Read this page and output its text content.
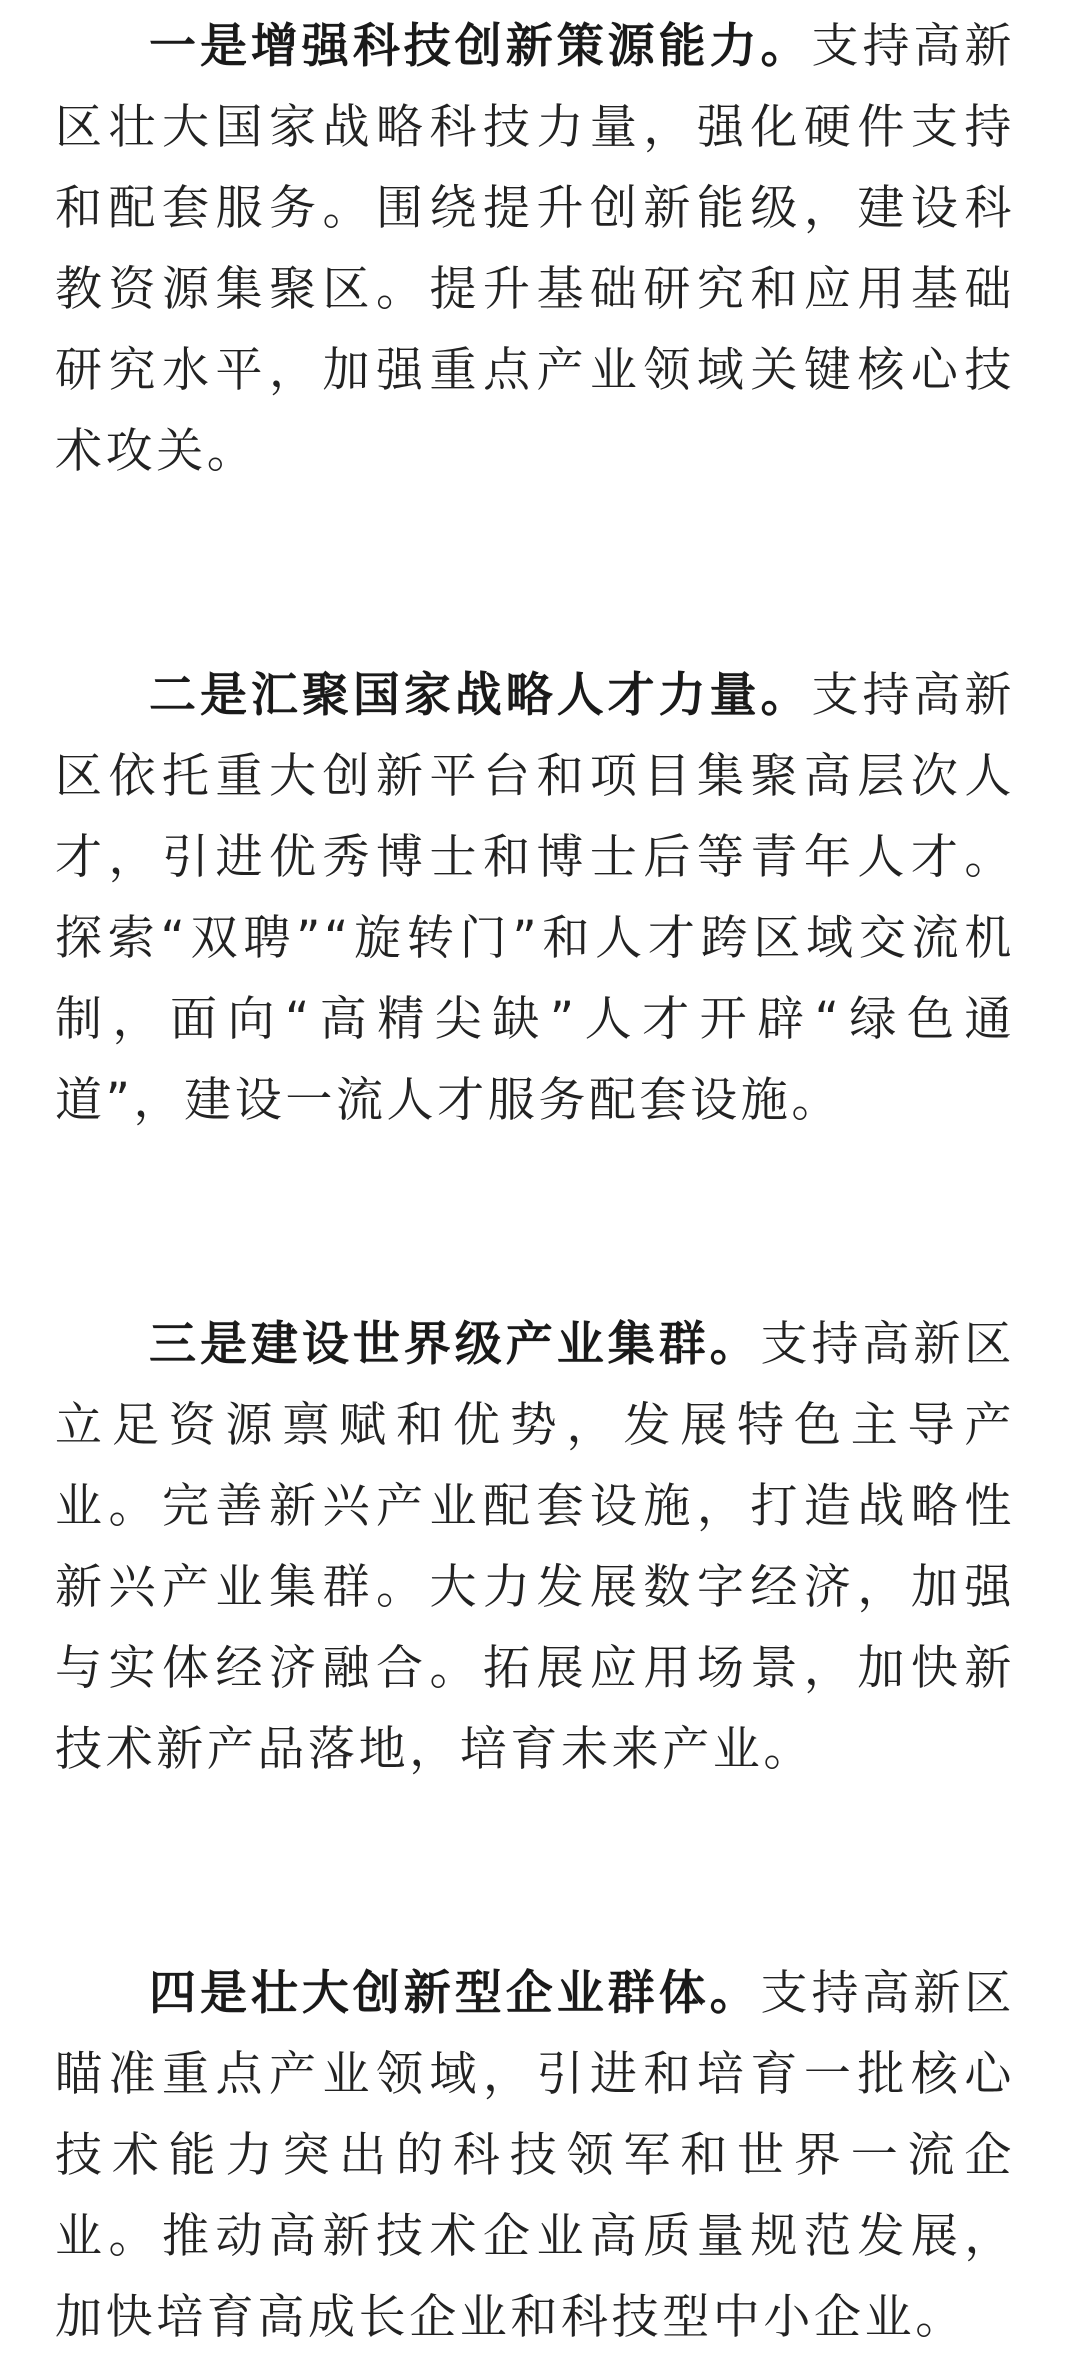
一是增强科技创新策源能力。支持高新区壮大国家战略科技力量，强化硬件支持和配套服务。围绕提升创新能级，建设科教资源集聚区。提升基础研究和应用基础研究水平，加强重点产业领域关键核心技术攻关。

二是汇聚国家战略人才力量。支持高新区依托重大创新平台和项目集聚高层次人才，引进优秀博士和博士后等青年人才。探索“双聘”“旋转门”和人才跨区域交流机制，面向“高精尖缺”人才开辟“绿色通道”，建设一流人才服务配套设施。

三是建设世界级产业集群。支持高新区立足资源禀赋和优势，发展特色主导产业。完善新兴产业配套设施，打造战略性新兴产业集群。大力发展数字经济，加强与实体经济融合。拓展应用场景，加快新技术新产品落地，培育未来产业。

四是壮大创新型企业群体。支持高新区瞄准重点产业领域，引进和培育一批核心技术能力突出的科技领军和世界一流企业。推动高新技术企业高质量规范发展，加快培育高成长企业和科技型中小企业。
